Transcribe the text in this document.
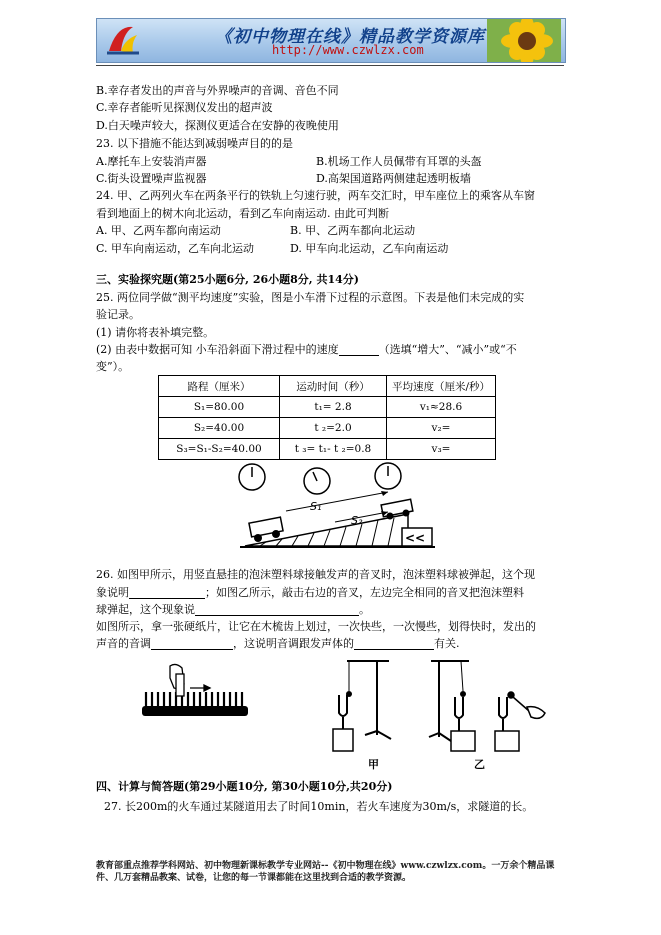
《初中物理在线》精品教学资源库
http://www.czwlzx.com
B.幸存者发出的声音与外界噪声的音调、音色不同
C.幸存者能听见探测仪发出的超声波
D.白天噪声较大，探测仪更适合在安静的夜晚使用
23. 以下措施不能达到减弱噪声目的的是
A.摩托车上安装消声器	B.机场工作人员佩带有耳罩的头盔
C.街头设置噪声监视器	D.高架国道路两侧建起透明板墙
24. 甲、乙两列火车在两条平行的铁轨上匀速行驶，两车交汇时，甲车座位上的乘客从车窗
看到地面上的树木向北运动，看到乙车向南运动. 由此可判断
A. 甲、乙两车都向南运动	B. 甲、乙两车都向北运动
C. 甲车向南运动，乙车向北运动	D. 甲车向北运动，乙车向南运动
三、实验探究题(第25小题6分, 26小题8分, 共14分)
25. 两位同学做“测平均速度”实验，图是小车滑下过程的示意图。下表是他们未完成的实
验记录。
(1) 请你将表补填完整。
(2) 由表中数据可知 小车沿斜面下滑过程中的速度	（选填“增大”、“减小”或“不
变”）。
路程（厘米）	运动时间（秒）	平均速度（厘米/秒）
S₁=80.00	t₁= 2.8	v₁≈28.6
S₂=40.00	t ₂=2.0	v₂=
S₃=S₁-S₂=40.00	t ₃= t₁- t ₂=0.8	v₃=
<<
S₁
S₂
26. 如图甲所示，用竖直悬挂的泡沫塑料球接触发声的音叉时，泡沫塑料球被弹起，这个现
象说明	；如图乙所示，敲击右边的音叉，左边完全相同的音叉把泡沫塑料
球弹起，这个现象说	。
如图所示，拿一张硬纸片，让它在木梳齿上划过，一次快些，一次慢些，划得快时，发出的
声音的音调	，这说明音调跟发声体的	有关.
甲	乙
四、计算与简答题(第29小题10分, 第30小题10分,共20分)
27. 长200m的火车通过某隧道用去了时间10min，若火车速度为30m/s，求隧道的长。
教育部重点推荐学科网站、初中物理新课标教学专业网站--《初中物理在线》www.czwlzx.com。一万余个精品课件、几万套精品教案、试卷，让您的每一节课都能在这里找到合适的教学资源。
